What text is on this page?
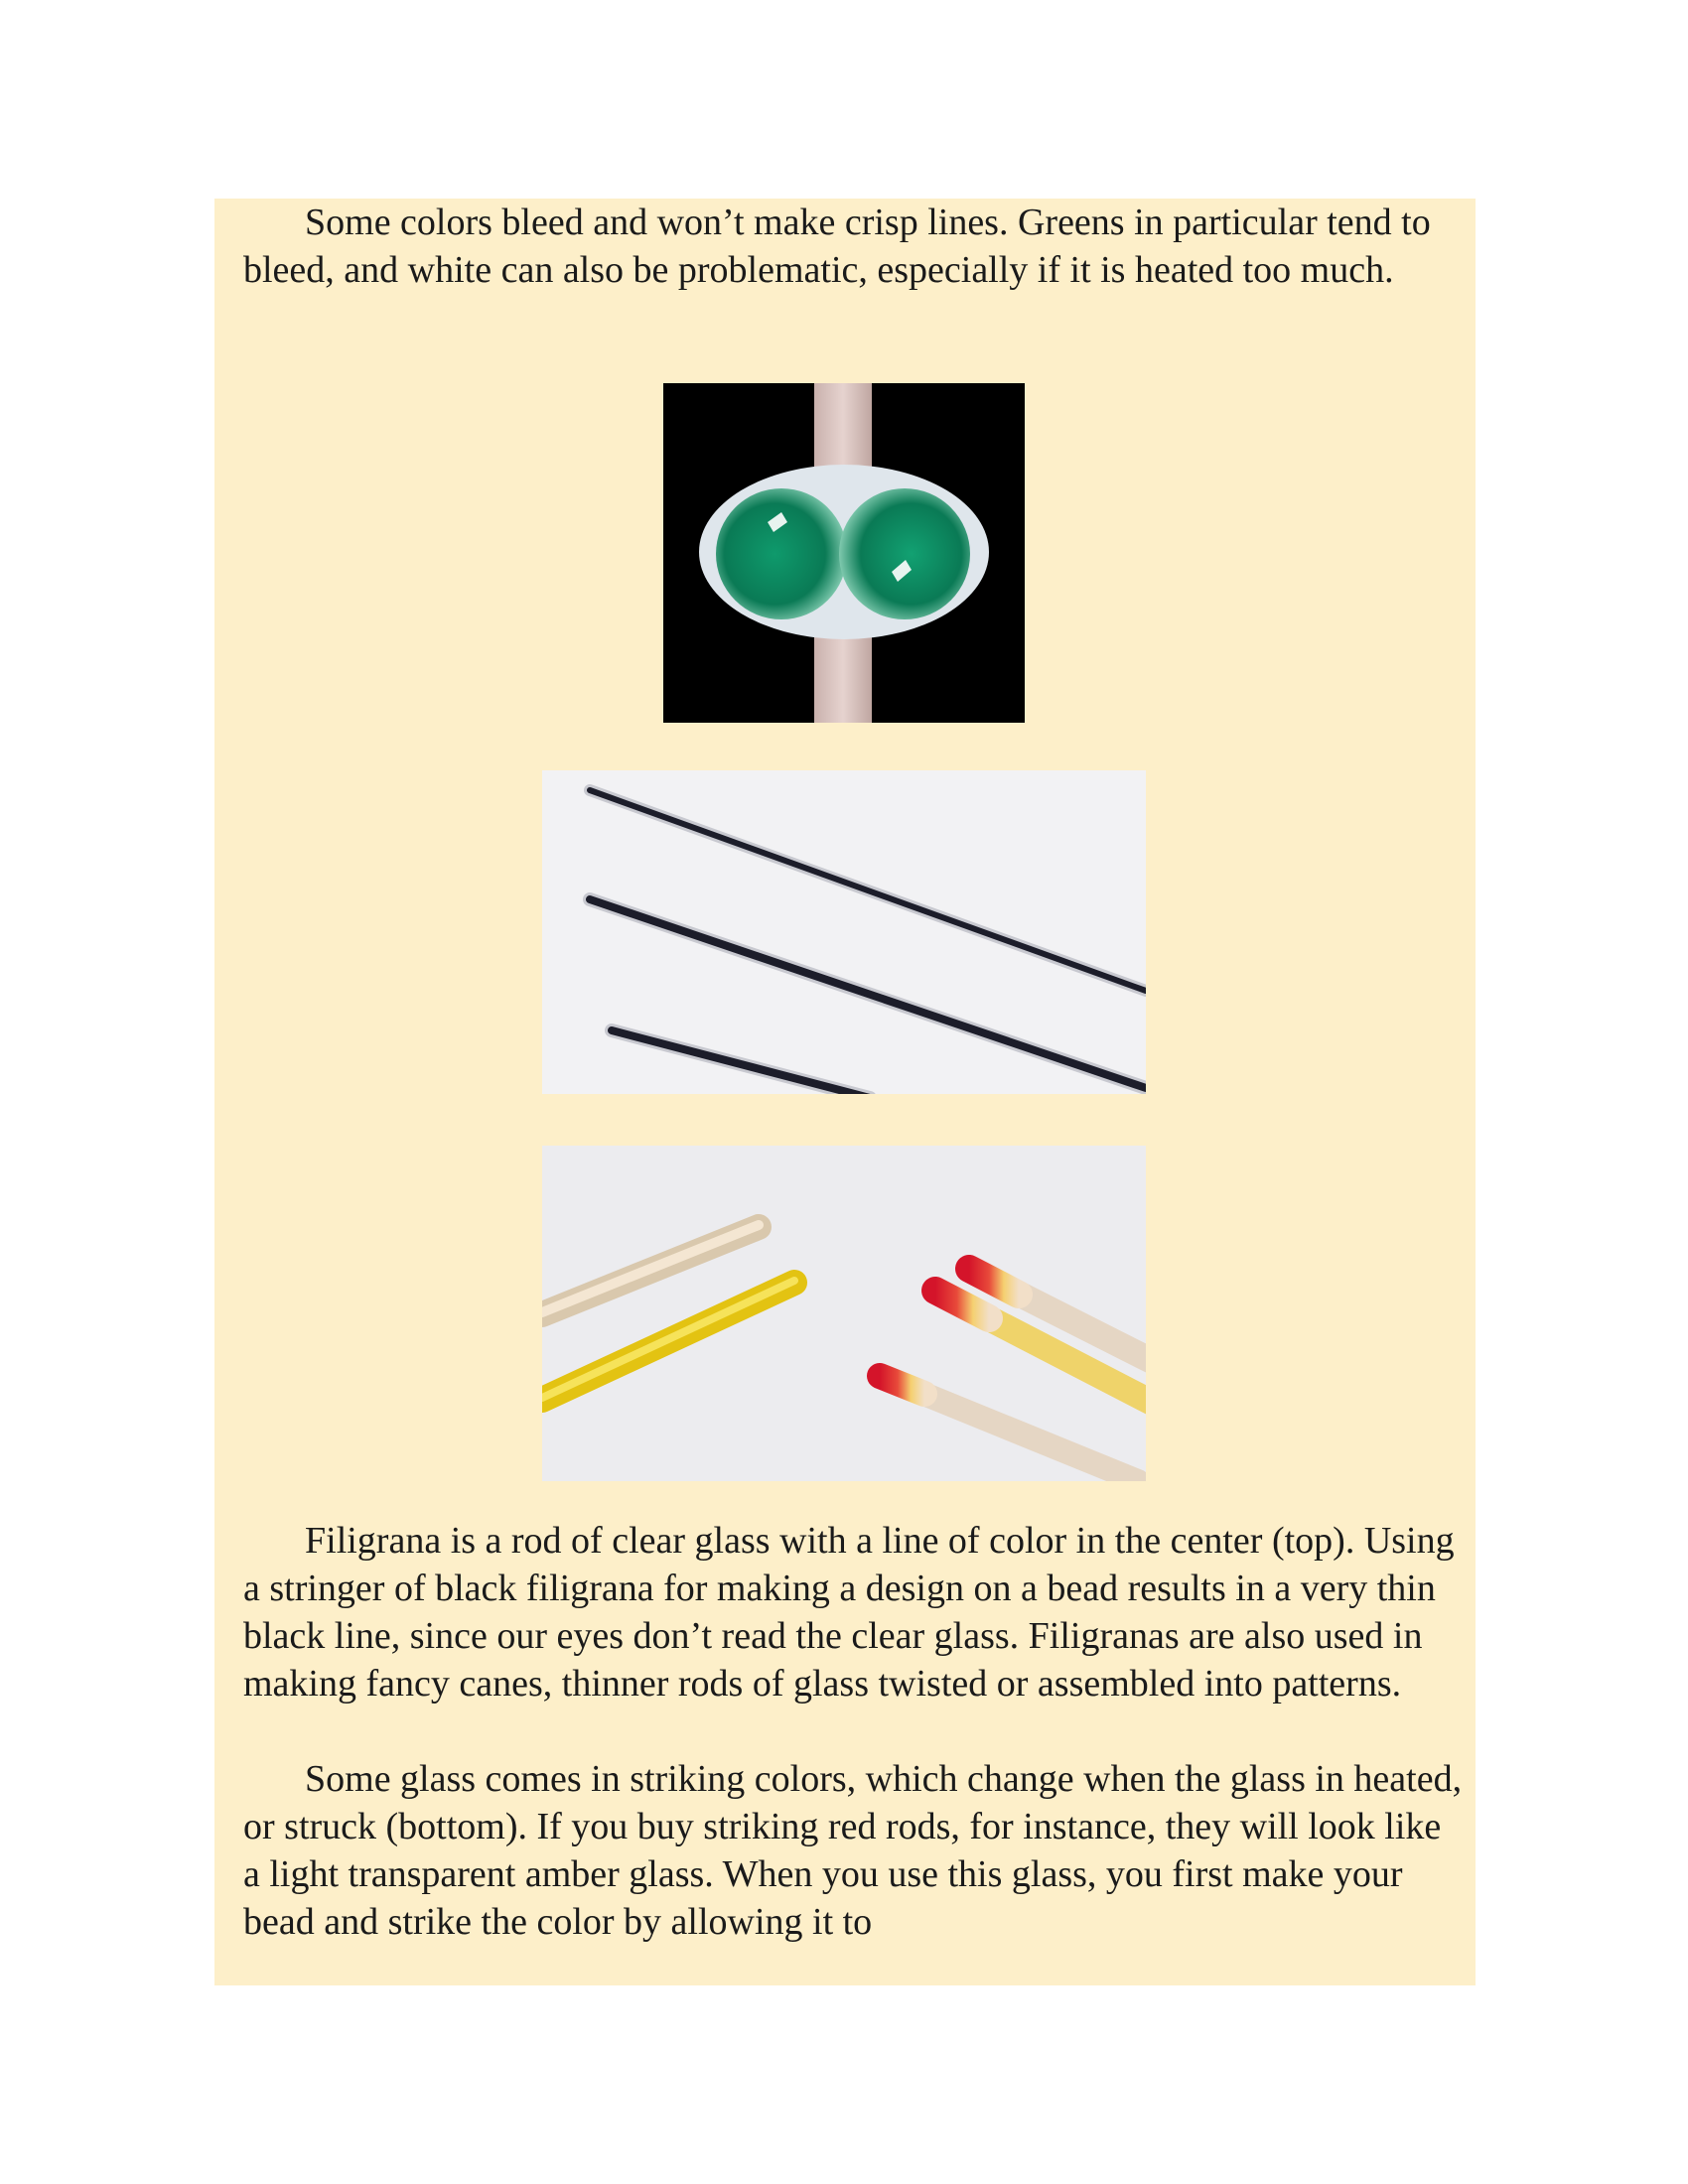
Some colors bleed and won’t make crisp lines. Greens in particular tend to bleed, and white can also be problematic, especially if it is heated too much.

Filigrana is a rod of clear glass with a line of color in the center (top). Using a stringer of black filigrana for making a design on a bead results in a very thin black line, since our eyes don’t read the clear glass. Filigranas are also used in making fancy canes, thinner rods of glass twisted or assembled into patterns.

Some glass comes in striking colors, which change when the glass in heated, or struck (bottom). If you buy striking red rods, for instance, they will look like a light transparent amber glass. When you use this glass, you first make your bead and strike the color by allowing it to
